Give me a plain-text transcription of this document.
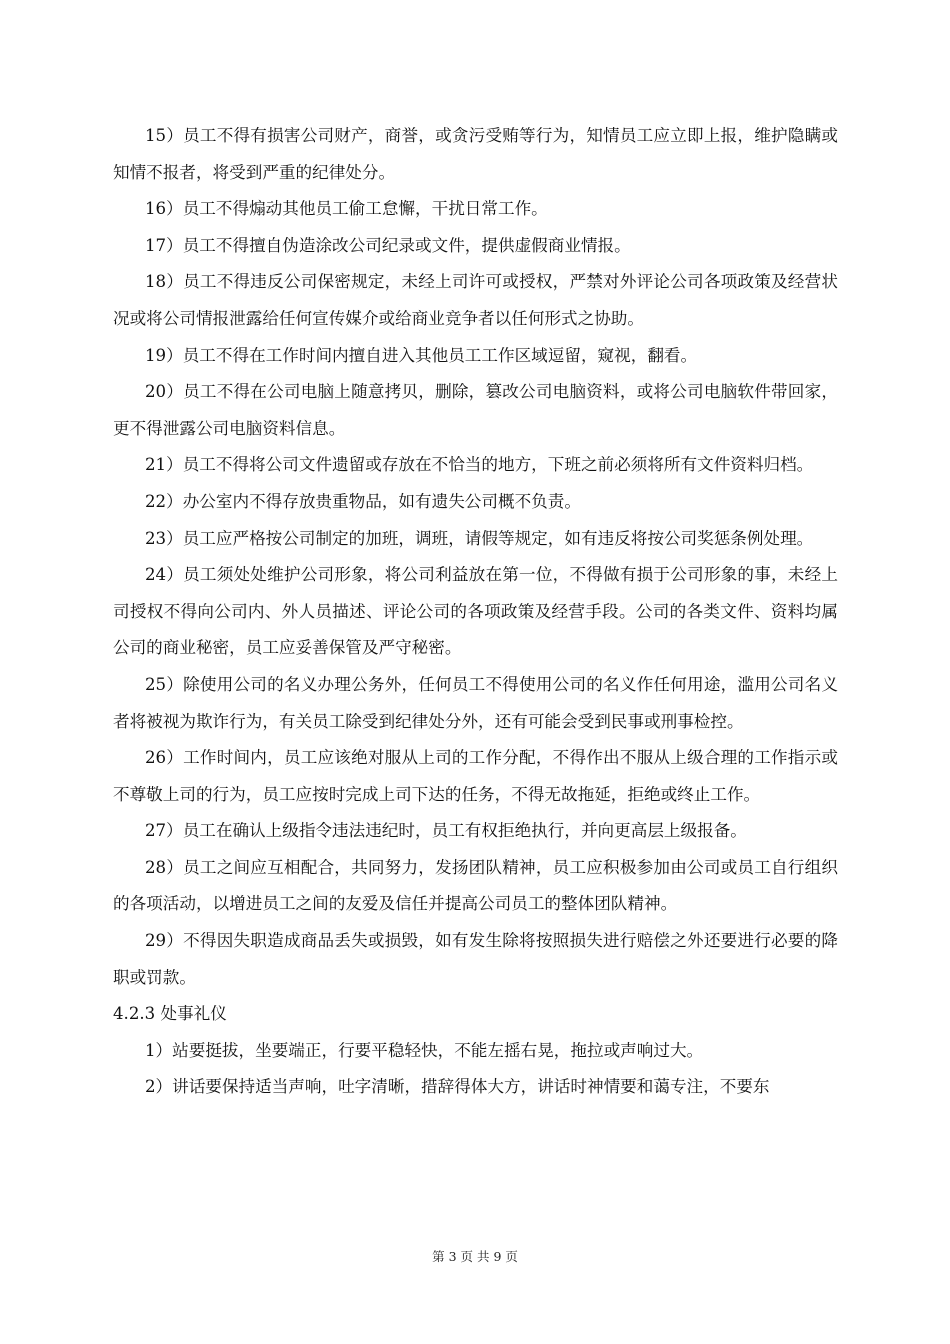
15）员工不得有损害公司财产，商誉，或贪污受贿等行为，知情员工应立即上报，维护隐瞒或知情不报者，将受到严重的纪律处分。

16）员工不得煽动其他员工偷工怠懈，干扰日常工作。

17）员工不得擅自伪造涂改公司纪录或文件，提供虚假商业情报。

18）员工不得违反公司保密规定，未经上司许可或授权，严禁对外评论公司各项政策及经营状况或将公司情报泄露给任何宣传媒介或给商业竞争者以任何形式之协助。

19）员工不得在工作时间内擅自进入其他员工工作区域逗留，窥视，翻看。

20）员工不得在公司电脑上随意拷贝，删除，篡改公司电脑资料，或将公司电脑软件带回家，更不得泄露公司电脑资料信息。

21）员工不得将公司文件遗留或存放在不恰当的地方，下班之前必须将所有文件资料归档。

22）办公室内不得存放贵重物品，如有遗失公司概不负责。

23）员工应严格按公司制定的加班，调班，请假等规定，如有违反将按公司奖惩条例处理。

24）员工须处处维护公司形象，将公司利益放在第一位，不得做有损于公司形象的事，未经上司授权不得向公司内、外人员描述、评论公司的各项政策及经营手段。公司的各类文件、资料均属公司的商业秘密，员工应妥善保管及严守秘密。

25）除使用公司的名义办理公务外，任何员工不得使用公司的名义作任何用途，滥用公司名义者将被视为欺诈行为，有关员工除受到纪律处分外，还有可能会受到民事或刑事检控。

26）工作时间内，员工应该绝对服从上司的工作分配，不得作出不服从上级合理的工作指示或不尊敬上司的行为，员工应按时完成上司下达的任务，不得无故拖延，拒绝或终止工作。

27）员工在确认上级指令违法违纪时，员工有权拒绝执行，并向更高层上级报备。

28）员工之间应互相配合，共同努力，发扬团队精神，员工应积极参加由公司或员工自行组织的各项活动，以增进员工之间的友爱及信任并提高公司员工的整体团队精神。

29）不得因失职造成商品丢失或损毁，如有发生除将按照损失进行赔偿之外还要进行必要的降职或罚款。

4.2.3 处事礼仪

1）站要挺拔，坐要端正，行要平稳轻快，不能左摇右晃，拖拉或声响过大。

2）讲话要保持适当声响，吐字清晰，措辞得体大方，讲话时神情要和蔼专注，不要东

第 3 页 共 9 页
